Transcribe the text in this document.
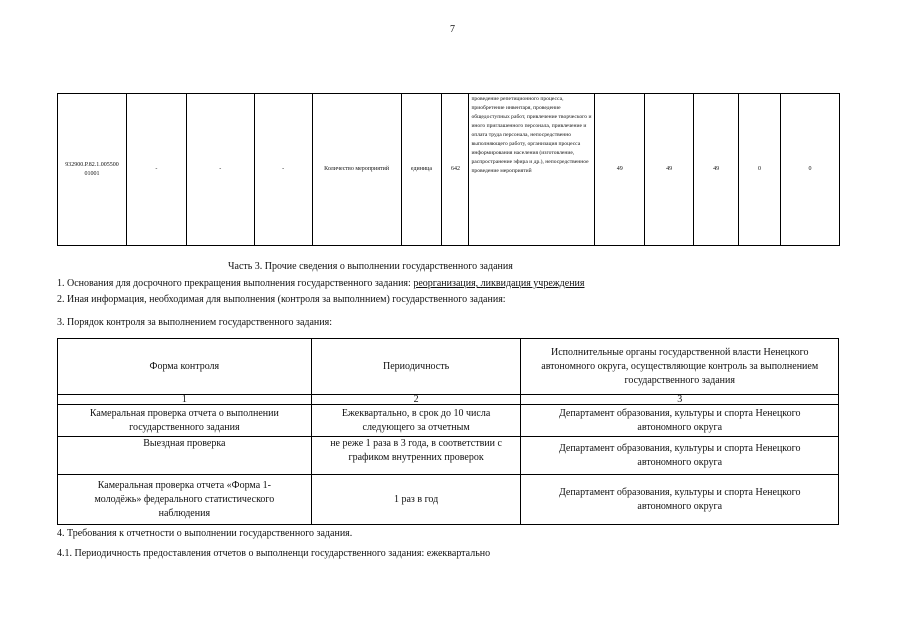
7
932900.Р.82.1.005500 01001	-	-	-	Количество мероприятий	единица	642	проведение репетиционного процесса, приобретение инвентаря, проведение общедоступных работ, привлечение творческого и иного приглашенного персонала, привлечение и оплата труда персонала, непосредственно выполняющего работу, организация процесса информирования населения (изготовление, распространение эфира и др.), непосредственное проведение мероприятий	49	49	49	0	0
Часть 3. Прочие сведения о выполнении государственного задания
1. Основания для досрочного прекращения выполнения государственного задания: реорганизация, ликвидация учреждения
2. Иная информация, необходимая для выполнения (контроля за выполннием) государственного задания:
3. Порядок контроля за выполнением государственного задания:
Форма контроля	Периодичность	Исполнительные органы государственной власти Ненецкого автономного округа, осуществляющие контроль за выполнением государственного задания
1	2	3
Камеральная проверка отчета о выполнении государственного задания	Ежеквартально, в срок до 10 числа следующего за отчетным	Департамент образования, культуры и спорта Ненецкого автономного округа
Выездная проверка	не реже 1 раза в 3 года, в соответствии с графиком внутренних проверок	Департамент образования, культуры и спорта Ненецкого автономного округа
Камеральная проверка отчета «Форма 1-молодёжь» федерального статистического наблюдения	1 раз в год	Департамент образования, культуры и спорта Ненецкого автономного округа
4. Требования к отчетности о выполнении государственного задания.
4.1. Периодичность предоставления отчетов о выполненци государственного задания: ежеквартально
